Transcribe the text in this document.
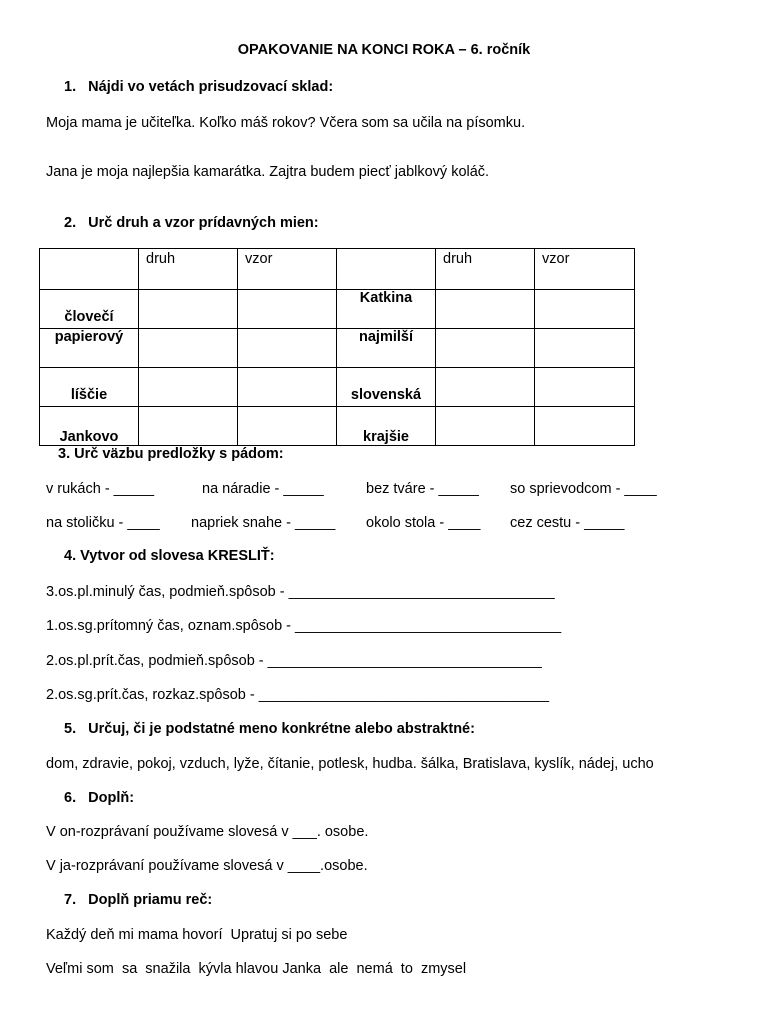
OPAKOVANIE NA KONCI ROKA – 6. ročník
1.   Nájdi vo vetách prisudzovací sklad:
Moja mama je učiteľka. Koľko máš rokov? Včera som sa učila na písomku.
Jana je moja najlepšia kamarátka. Zajtra budem piecť jablkový koláč.
2.   Urč druh a vzor prídavných mien:
	druh	vzor		druh	vzor

človečí			Katkina		

papierový			najmilší		

líščie			slovenská		

Jankovo			krajšie		

3. Urč väzbu predložky s pádom:
v rukách - _____	na náradie - _____	bez tváre - _____ so sprievodcom - ____
na stoličku - ____ napriek snahe - _____ okolo stola - ____ cez cestu - _____
4. Vytvor od slovesa KRESLIŤ:
3.os.pl.minulý čas, podmieň.spôsob - _________________________________
1.os.sg.prítomný čas, oznam.spôsob - _________________________________
2.os.pl.prít.čas, podmieň.spôsob - __________________________________
2.os.sg.prít.čas, rozkaz.spôsob - ____________________________________
5.   Určuj, či je podstatné meno konkrétne alebo abstraktné:
dom, zdravie, pokoj, vzduch, lyže, čítanie, potlesk, hudba. šálka, Bratislava, kyslík, nádej, ucho
6.   Doplň:
V on-rozprávaní používame slovesá v ___. osobe.
V ja-rozprávaní používame slovesá v ____.osobe.
7.   Doplň priamu reč:
Každý deň mi mama hovorí  Upratuj si po sebe
Veľmi som  sa  snažila  kývla hlavou Janka  ale  nemá  to  zmysel
